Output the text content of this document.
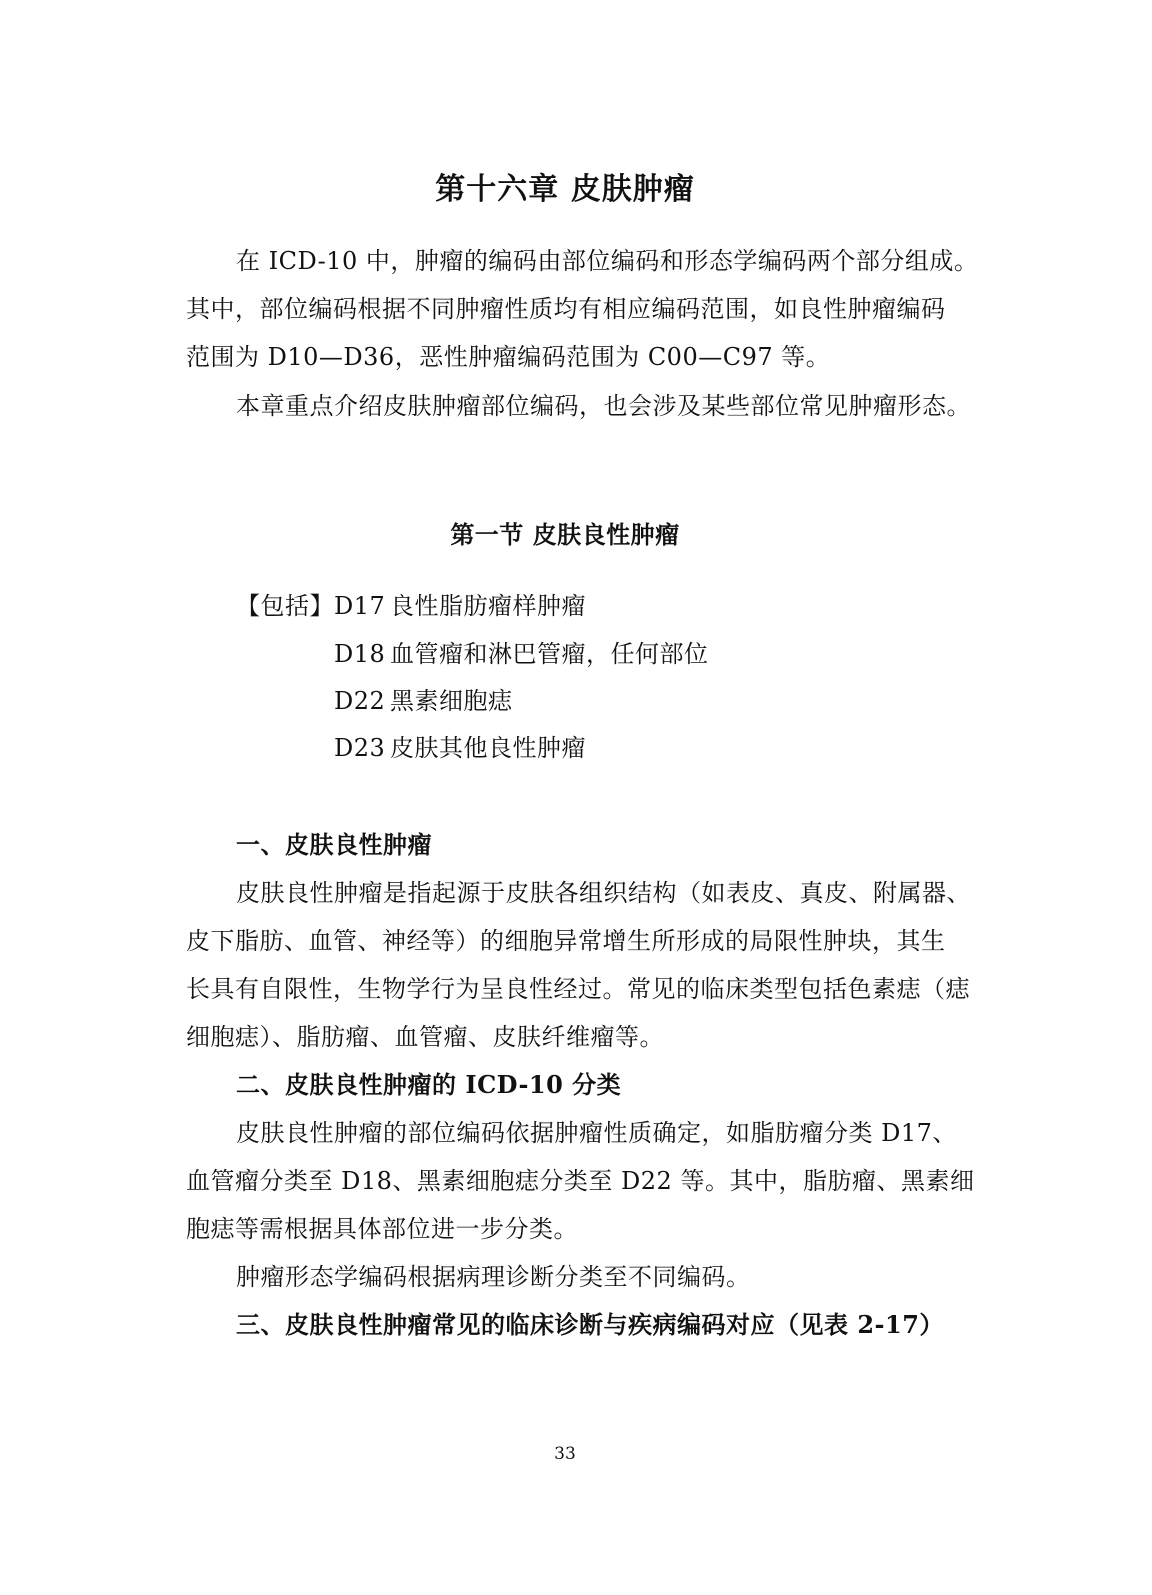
第十六章 皮肤肿瘤
在 ICD-10 中，肿瘤的编码由部位编码和形态学编码两个部分组成。
其中，部位编码根据不同肿瘤性质均有相应编码范围，如良性肿瘤编码
范围为 D10—D36，恶性肿瘤编码范围为 C00—C97 等。
本章重点介绍皮肤肿瘤部位编码，也会涉及某些部位常见肿瘤形态。
第一节 皮肤良性肿瘤
【包括】D17 良性脂肪瘤样肿瘤
D18 血管瘤和淋巴管瘤，任何部位
D22 黑素细胞痣
D23 皮肤其他良性肿瘤
一、皮肤良性肿瘤
皮肤良性肿瘤是指起源于皮肤各组织结构（如表皮、真皮、附属器、
皮下脂肪、血管、神经等）的细胞异常增生所形成的局限性肿块，其生
长具有自限性，生物学行为呈良性经过。常见的临床类型包括色素痣（痣
细胞痣）、脂肪瘤、血管瘤、皮肤纤维瘤等。
二、皮肤良性肿瘤的 ICD-10 分类
皮肤良性肿瘤的部位编码依据肿瘤性质确定，如脂肪瘤分类 D17、
血管瘤分类至 D18、黑素细胞痣分类至 D22 等。其中，脂肪瘤、黑素细
胞痣等需根据具体部位进一步分类。
肿瘤形态学编码根据病理诊断分类至不同编码。
三、皮肤良性肿瘤常见的临床诊断与疾病编码对应（见表 2-17）
33
